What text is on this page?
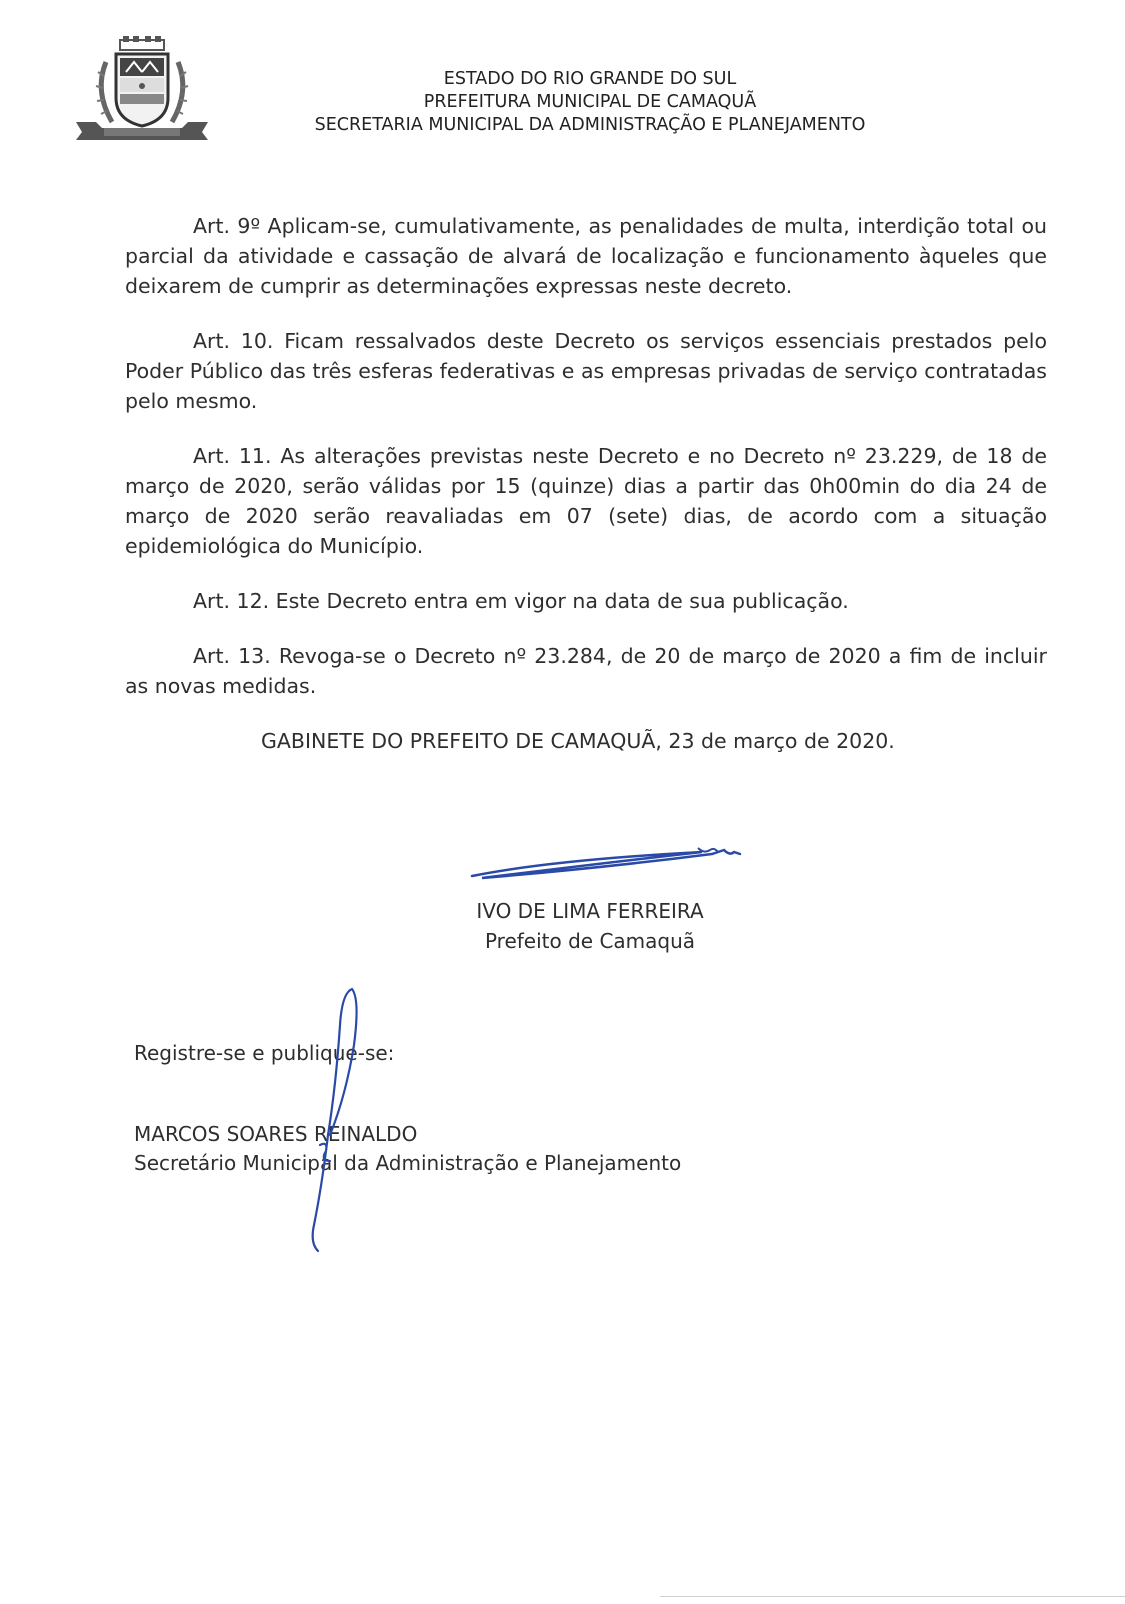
ESTADO DO RIO GRANDE DO SUL
PREFEITURA MUNICIPAL DE CAMAQUÃ
SECRETARIA MUNICIPAL DA ADMINISTRAÇÃO E PLANEJAMENTO

Art. 9º Aplicam-se, cumulativamente, as penalidades de multa, interdição total ou parcial da atividade e cassação de alvará de localização e funcionamento àqueles que deixarem de cumprir as determinações expressas neste decreto.

Art. 10. Ficam ressalvados deste Decreto os serviços essenciais prestados pelo Poder Público das três esferas federativas e as empresas privadas de serviço contratadas pelo mesmo.

Art. 11. As alterações previstas neste Decreto e no Decreto nº 23.229, de 18 de março de 2020, serão válidas por 15 (quinze) dias a partir das 0h00min do dia 24 de março de 2020 serão reavaliadas em 07 (sete) dias, de acordo com a situação epidemiológica do Município.

Art. 12. Este Decreto entra em vigor na data de sua publicação.

Art. 13. Revoga-se o Decreto nº 23.284, de 20 de março de 2020 a fim de incluir as novas medidas.

GABINETE DO PREFEITO DE CAMAQUÃ, 23 de março de 2020.

IVO DE LIMA FERREIRA
Prefeito de Camaquã
Registre-se e publique-se:
MARCOS SOARES REINALDO
Secretário Municipal da Administração e Planejamento
